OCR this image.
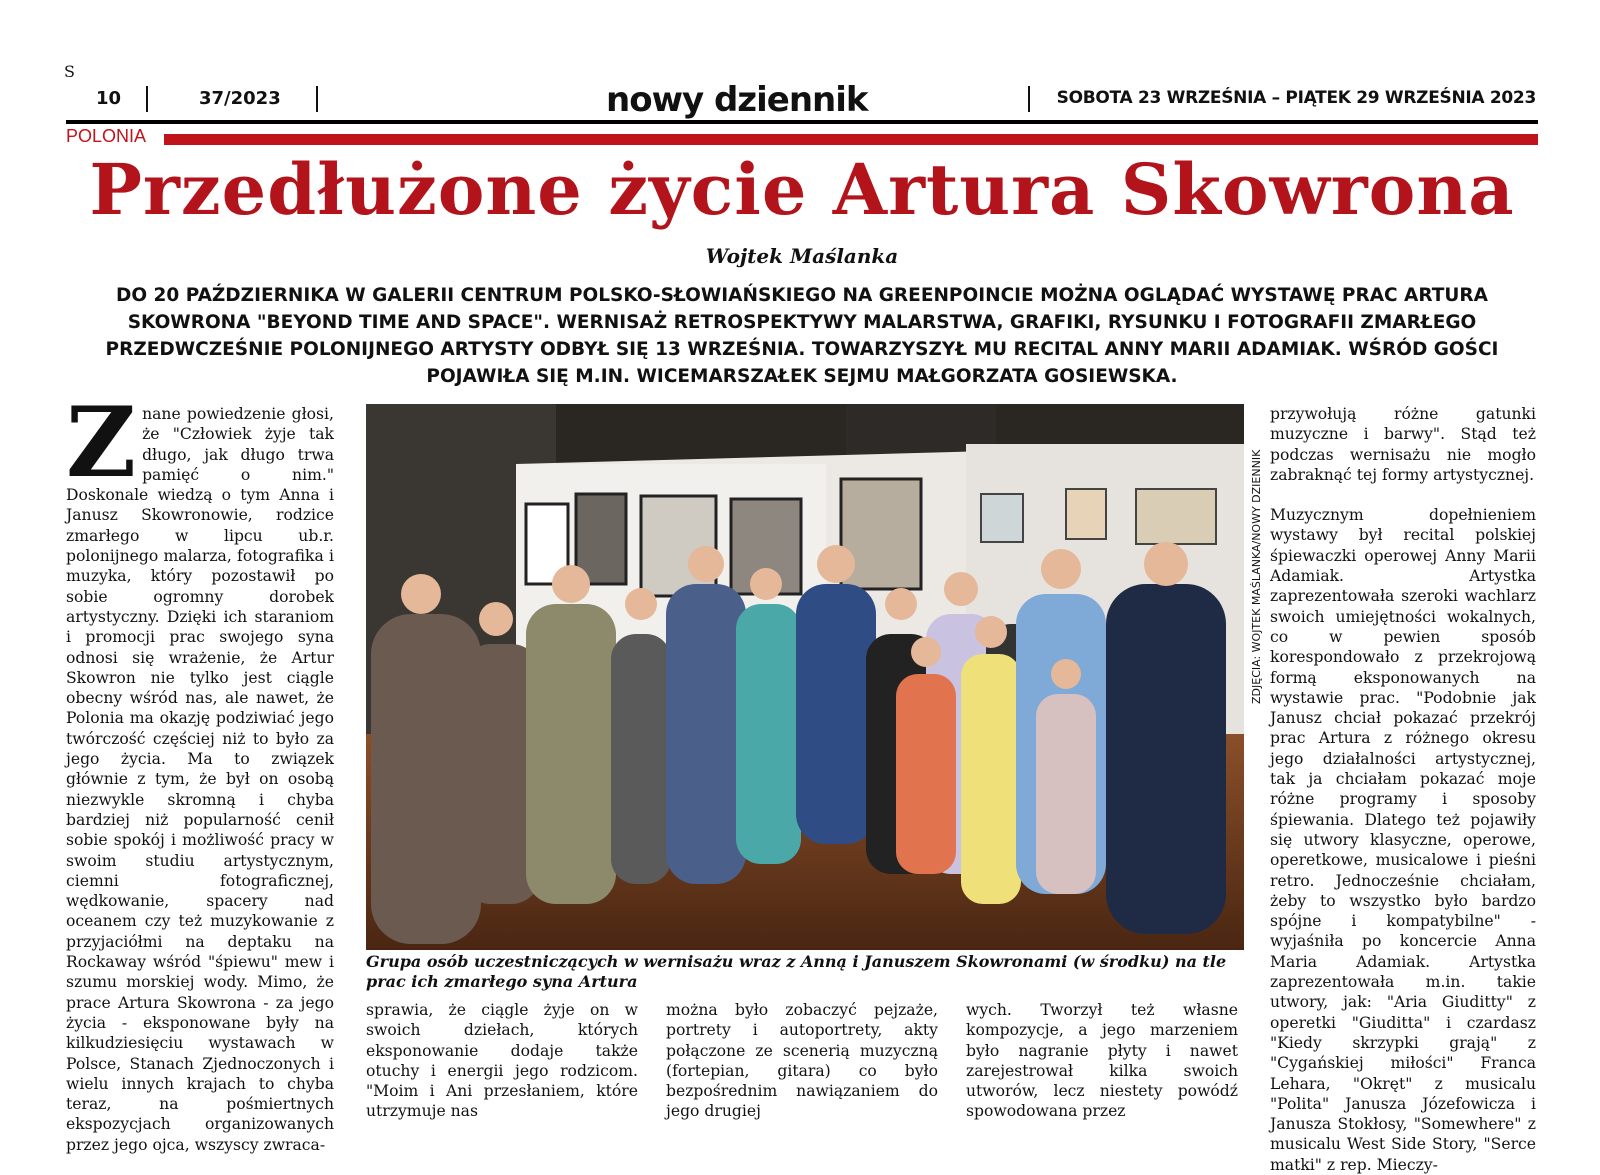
S
10	37/2023	nowy dziennik	SOBOTA 23 WRZEŚNIA – PIĄTEK 29 WRZEŚNIA 2023
POLONIA
Przedłużone życie Artura Skowrona
Wojtek Maślanka
DO 20 PAŹDZIERNIKA W GALERII CENTRUM POLSKO-SŁOWIAŃSKIEGO NA GREENPOINCIE MOŻNA OGLĄDAĆ WYSTAWĘ PRAC ARTURA SKOWRONA "BEYOND TIME AND SPACE". WERNISAŻ RETROSPEKTYWY MALARSTWA, GRAFIKI, RYSUNKU I FOTOGRAFII ZMARŁEGO PRZEDWCZEŚNIE POLONIJNEGO ARTYSTY ODBYŁ SIĘ 13 WRZEŚNIA. TOWARZYSZYŁ MU RECITAL ANNY MARII ADAMIAK. WŚRÓD GOŚCI POJAWIŁA SIĘ M.IN. WICEMARSZAŁEK SEJMU MAŁGORZATA GOSIEWSKA.
Z nane powiedzenie głosi, że "Człowiek żyje tak długo, jak długo trwa pamięć o nim." Doskonale wiedzą o tym Anna i Janusz Skowronowie, rodzice zmarłego w lipcu ub.r. polonijnego malarza, fotografika i muzyka, który pozostawił po sobie ogromny dorobek artystyczny. Dzięki ich staraniom i promocji prac swojego syna odnosi się wrażenie, że Artur Skowron nie tylko jest ciągle obecny wśród nas, ale nawet, że Polonia ma okazję podziwiać jego twórczość częściej niż to było za jego życia. Ma to związek głównie z tym, że był on osobą niezwykle skromną i chyba bardziej niż popularność cenił sobie spokój i możliwość pracy w swoim studiu artystycznym, ciemni fotograficznej, wędkowanie, spacery nad oceanem czy też muzykowanie z przyjaciółmi na deptaku na Rockaway wśród "śpiewu" mew i szumu morskiej wody. Mimo, że prace Artura Skowrona - za jego życia - eksponowane były na kilkudziesięciu wystawach w Polsce, Stanach Zjednoczonych i wielu innych krajach to chyba teraz, na pośmiertnych ekspozycjach organizowanych przez jego ojca, wszyscy zwraca-

Grupa osób uczestniczących w wernisażu wraz z Anną i Januszem Skowronami (w środku) na tle prac ich zmarłego syna Artura
ZDJĘCIA: WOJTEK MAŚLANKA/NOWY DZIENNIK

sprawia, że ciągle żyje on w swoich dziełach, których eksponowanie dodaje także otuchy i energii jego rodzicom. "Moim i Ani przesłaniem, które utrzymuje nas

można było zobaczyć pejzaże, portrety i autoportrety, akty połączone ze scenerią muzyczną (fortepian, gitara) co było bezpośrednim nawiązaniem do jego drugiej

wych. Tworzył też własne kompozycje, a jego marzeniem było nagranie płyty i nawet zarejestrował kilka swoich utworów, lecz niestety powódź spowodowana przez

przywołują różne gatunki muzyczne i barwy". Stąd też podczas wernisażu nie mogło zabraknąć tej formy artystycznej.

Muzycznym dopełnieniem wystawy był recital polskiej śpiewaczki operowej Anny Marii Adamiak. Artystka zaprezentowała szeroki wachlarz swoich umiejętności wokalnych, co w pewien sposób korespondowało z przekrojową formą eksponowanych na wystawie prac. "Podobnie jak Janusz chciał pokazać przekrój prac Artura z różnego okresu jego działalności artystycznej, tak ja chciałam pokazać moje różne programy i sposoby śpiewania. Dlatego też pojawiły się utwory klasyczne, operowe, operetkowe, musicalowe i pieśni retro. Jednocześnie chciałam, żeby to wszystko było bardzo spójne i kompatybilne" - wyjaśniła po koncercie Anna Maria Adamiak. Artystka zaprezentowała m.in. takie utwory, jak: "Aria Giuditty" z operetki "Giuditta" i czardasz "Kiedy skrzypki grają" z "Cygańskiej miłości" Franca Lehara, "Okręt" z musicalu "Polita" Janusza Józefowicza i Janusza Stokłosy, "Somewhere" z musicalu West Side Story, "Serce matki" z rep. Mieczy-
